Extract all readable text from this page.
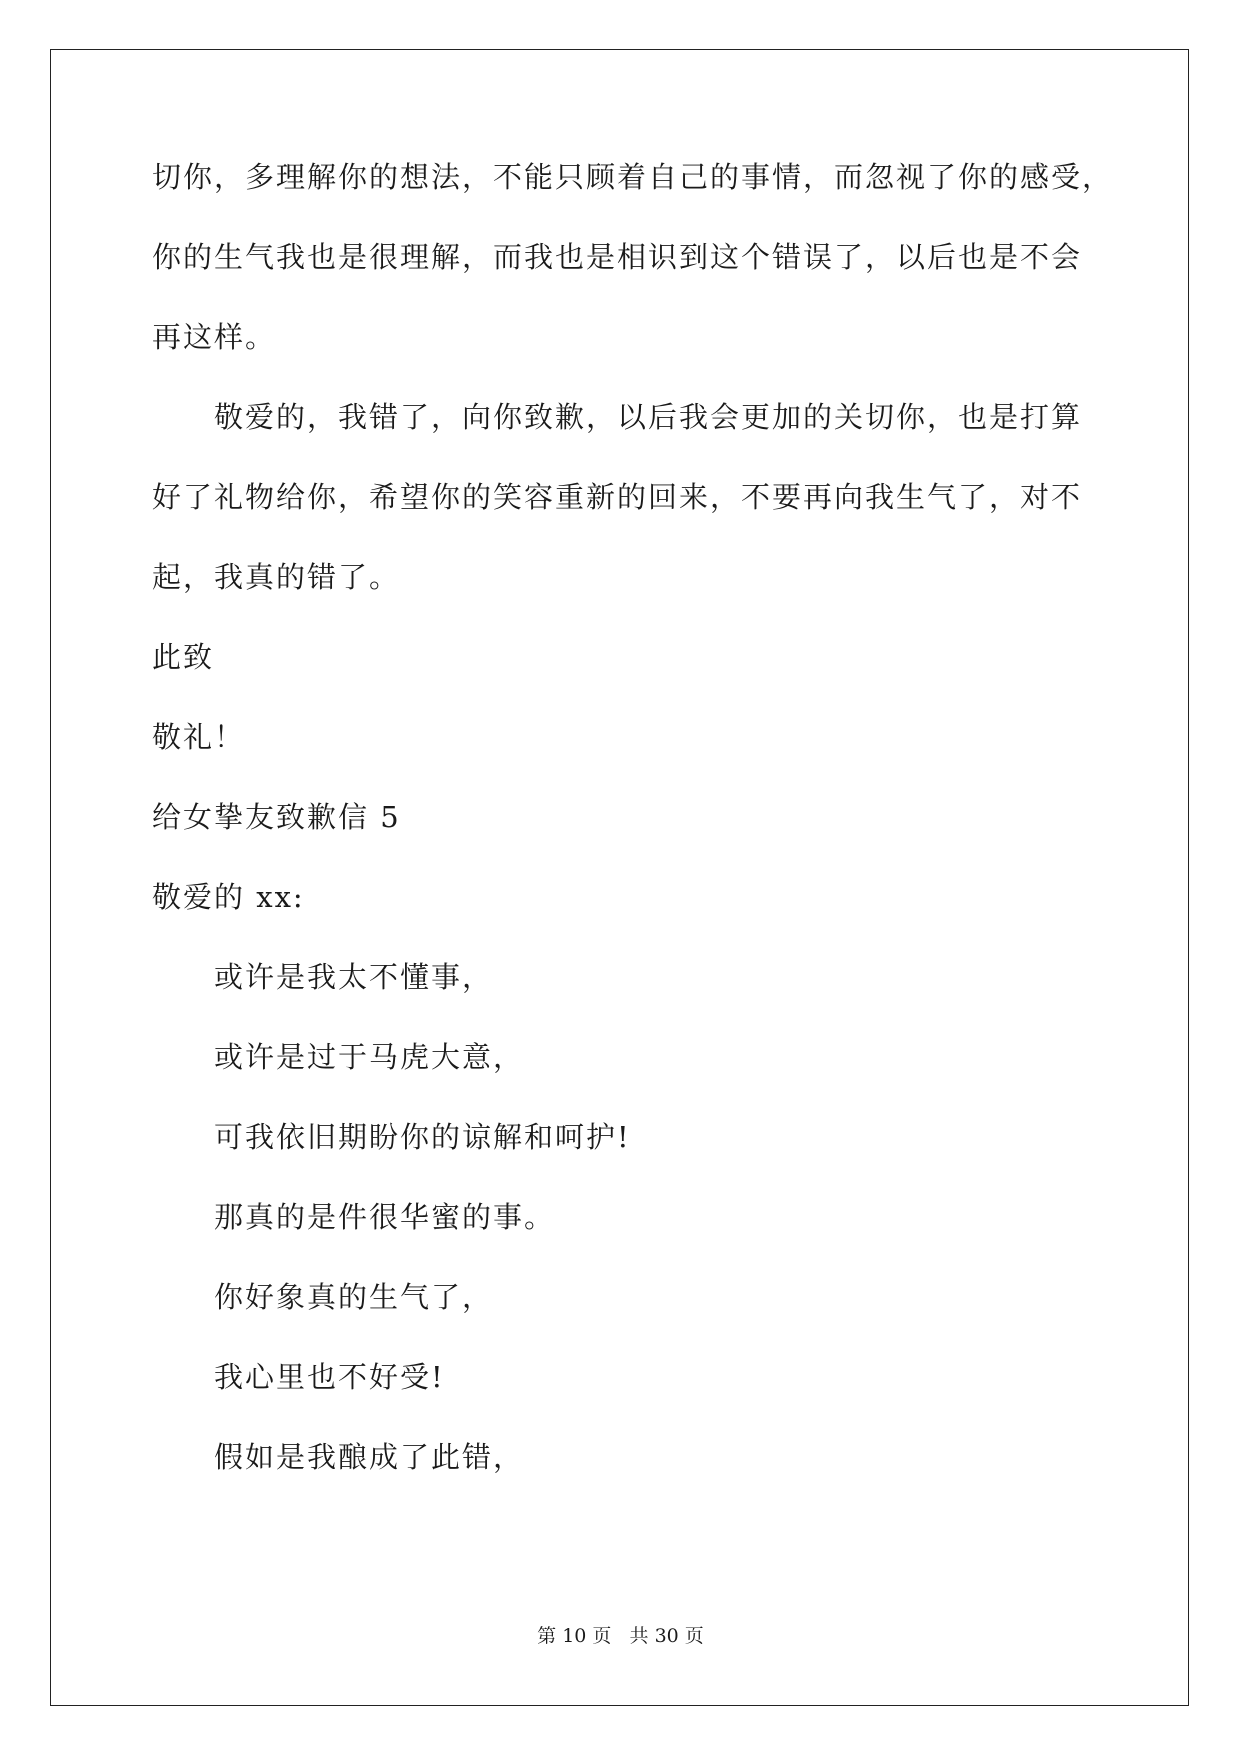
切你，多理解你的想法，不能只顾着自己的事情，而忽视了你的感受，
你的生气我也是很理解，而我也是相识到这个错误了，以后也是不会
再这样。
敬爱的，我错了，向你致歉，以后我会更加的关切你，也是打算
好了礼物给你，希望你的笑容重新的回来，不要再向我生气了，对不
起，我真的错了。
此致
敬礼！
给女挚友致歉信 5
敬爱的 xx:
或许是我太不懂事，
或许是过于马虎大意，
可我依旧期盼你的谅解和呵护!
那真的是件很华蜜的事。
你好象真的生气了，
我心里也不好受!
假如是我酿成了此错，
第 10 页   共 30 页
